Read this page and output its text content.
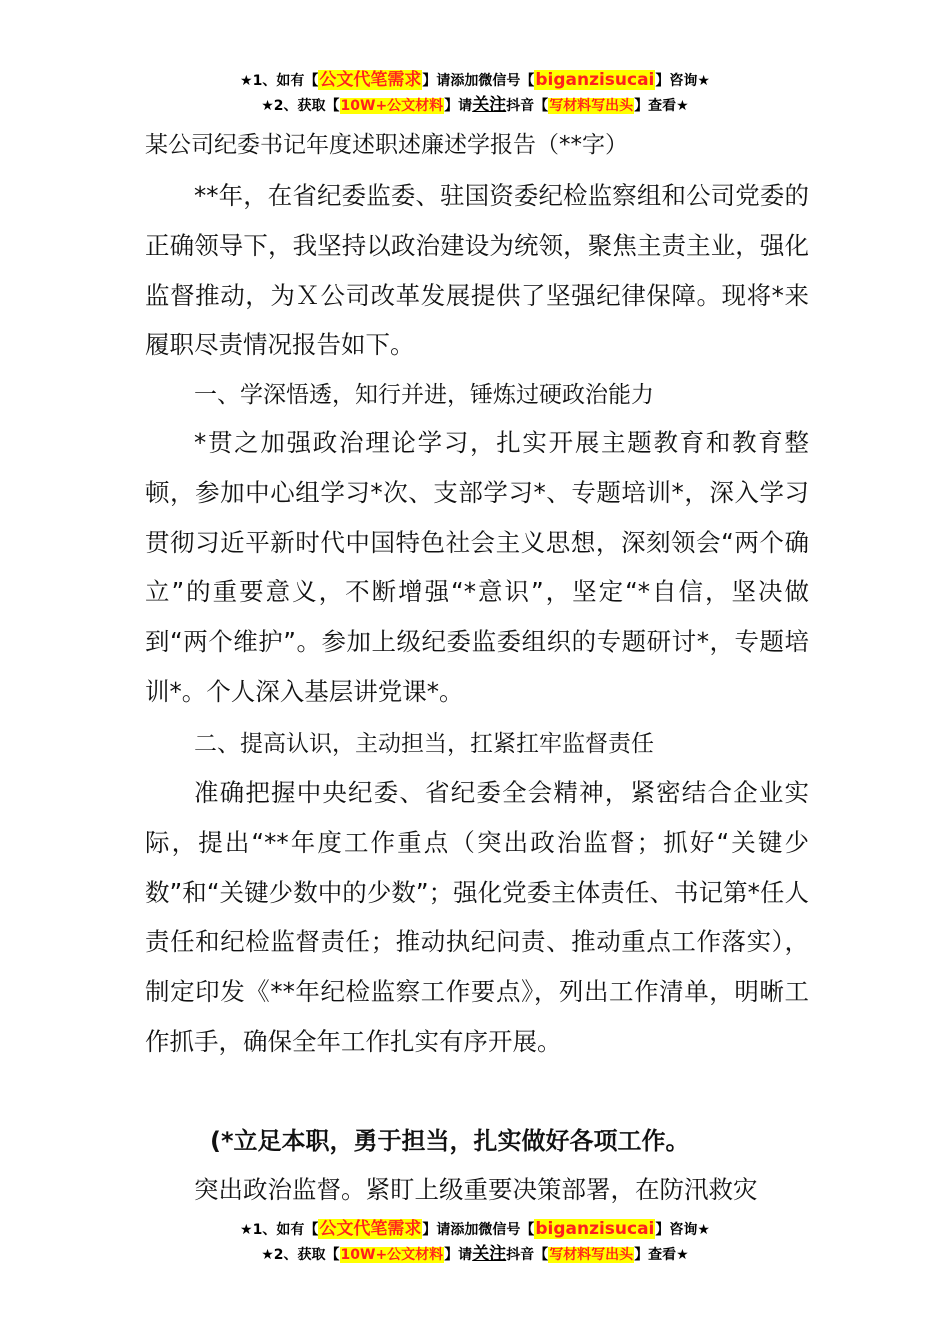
★1、如有【公文代笔需求】请添加微信号【biganzisucai】咨询★
★2、获取【10W+公文材料】请关注抖音【写材料写出头】查看★
某公司纪委书记年度述职述廉述学报告（**字）
**年，在省纪委监委、驻国资委纪检监察组和公司党委的正确领导下，我坚持以政治建设为统领，聚焦主责主业，强化监督推动，为Ｘ公司改革发展提供了坚强纪律保障。现将*来履职尽责情况报告如下。
一、学深悟透，知行并进，锤炼过硬政治能力
*贯之加强政治理论学习，扎实开展主题教育和教育整顿，参加中心组学习*次、支部学习*、专题培训*，深入学习贯彻习近平新时代中国特色社会主义思想，深刻领会“两个确立”的重要意义，不断增强“*意识”，坚定“*自信，坚决做到“两个维护”。参加上级纪委监委组织的专题研讨*，专题培训*。个人深入基层讲党课*。
二、提高认识，主动担当，扛紧扛牢监督责任
准确把握中央纪委、省纪委全会精神，紧密结合企业实际，提出“**年度工作重点（突出政治监督；抓好“关键少数”和“关键少数中的少数”；强化党委主体责任、书记第*任人责任和纪检监督责任；推动执纪问责、推动重点工作落实），制定印发《**年纪检监察工作要点》，列出工作清单，明晰工作抓手，确保全年工作扎实有序开展。
(*立足本职，勇于担当，扎实做好各项工作。
突出政治监督。紧盯上级重要决策部署，在防汛救灾
★1、如有【公文代笔需求】请添加微信号【biganzisucai】咨询★
★2、获取【10W+公文材料】请关注抖音【写材料写出头】查看★
